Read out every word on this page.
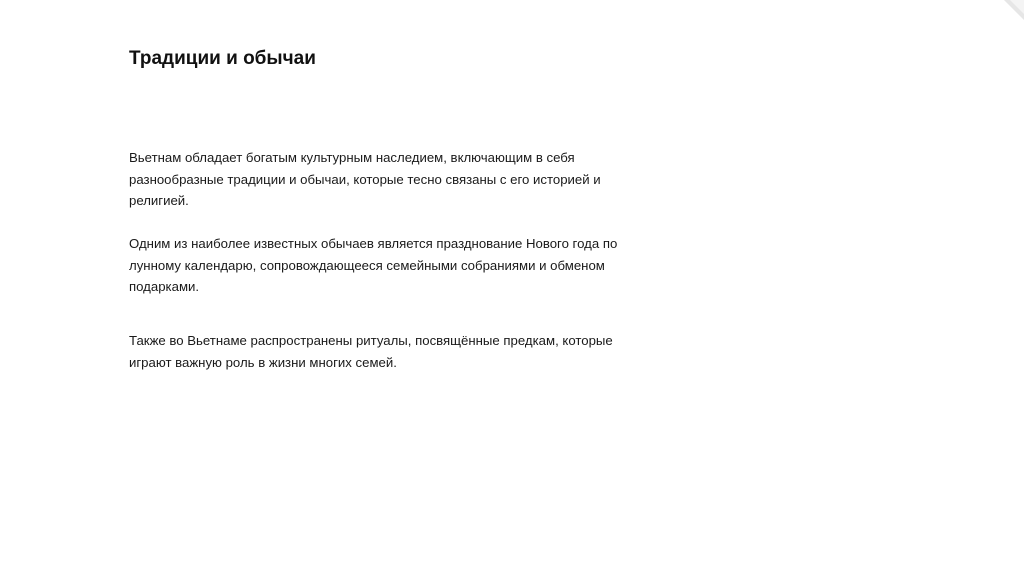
Традиции и обычаи

Вьетнам обладает богатым культурным наследием, включающим в себя
разнообразные традиции и обычаи, которые тесно связаны с его историей и
религией.

Одним из наиболее известных обычаев является празднование Нового года по
лунному календарю, сопровождающееся семейными собраниями и обменом
подарками.

Также во Вьетнаме распространены ритуалы, посвящённые предкам, которые
играют важную роль в жизни многих семей.
